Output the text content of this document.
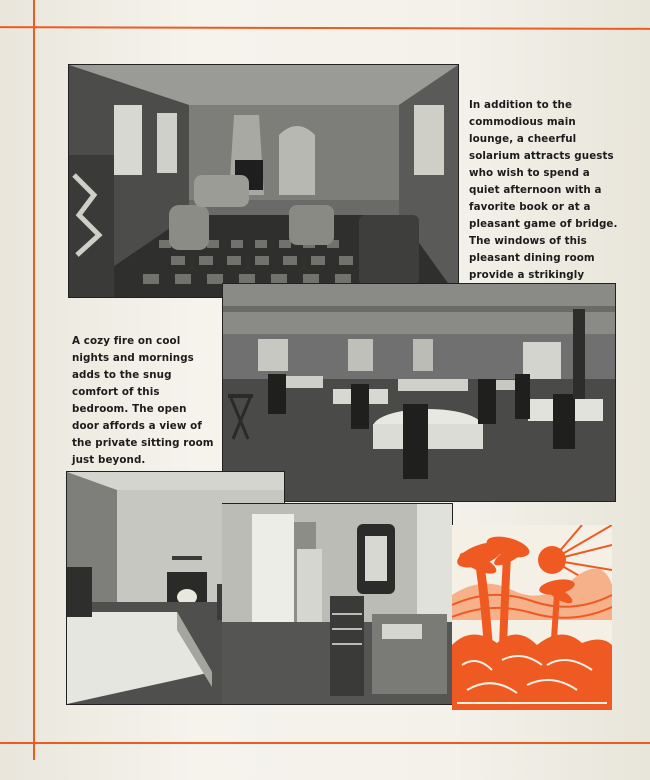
In addition to the commodious main lounge, a cheerful solarium attracts guests who wish to spend a quiet afternoon with a favorite book or at a pleasant game of bridge. The windows of this pleasant dining room provide a strikingly

A cozy fire on cool nights and mornings adds to the snug comfort of this bedroom. The open door affords a view of the private sitting room just beyond.
